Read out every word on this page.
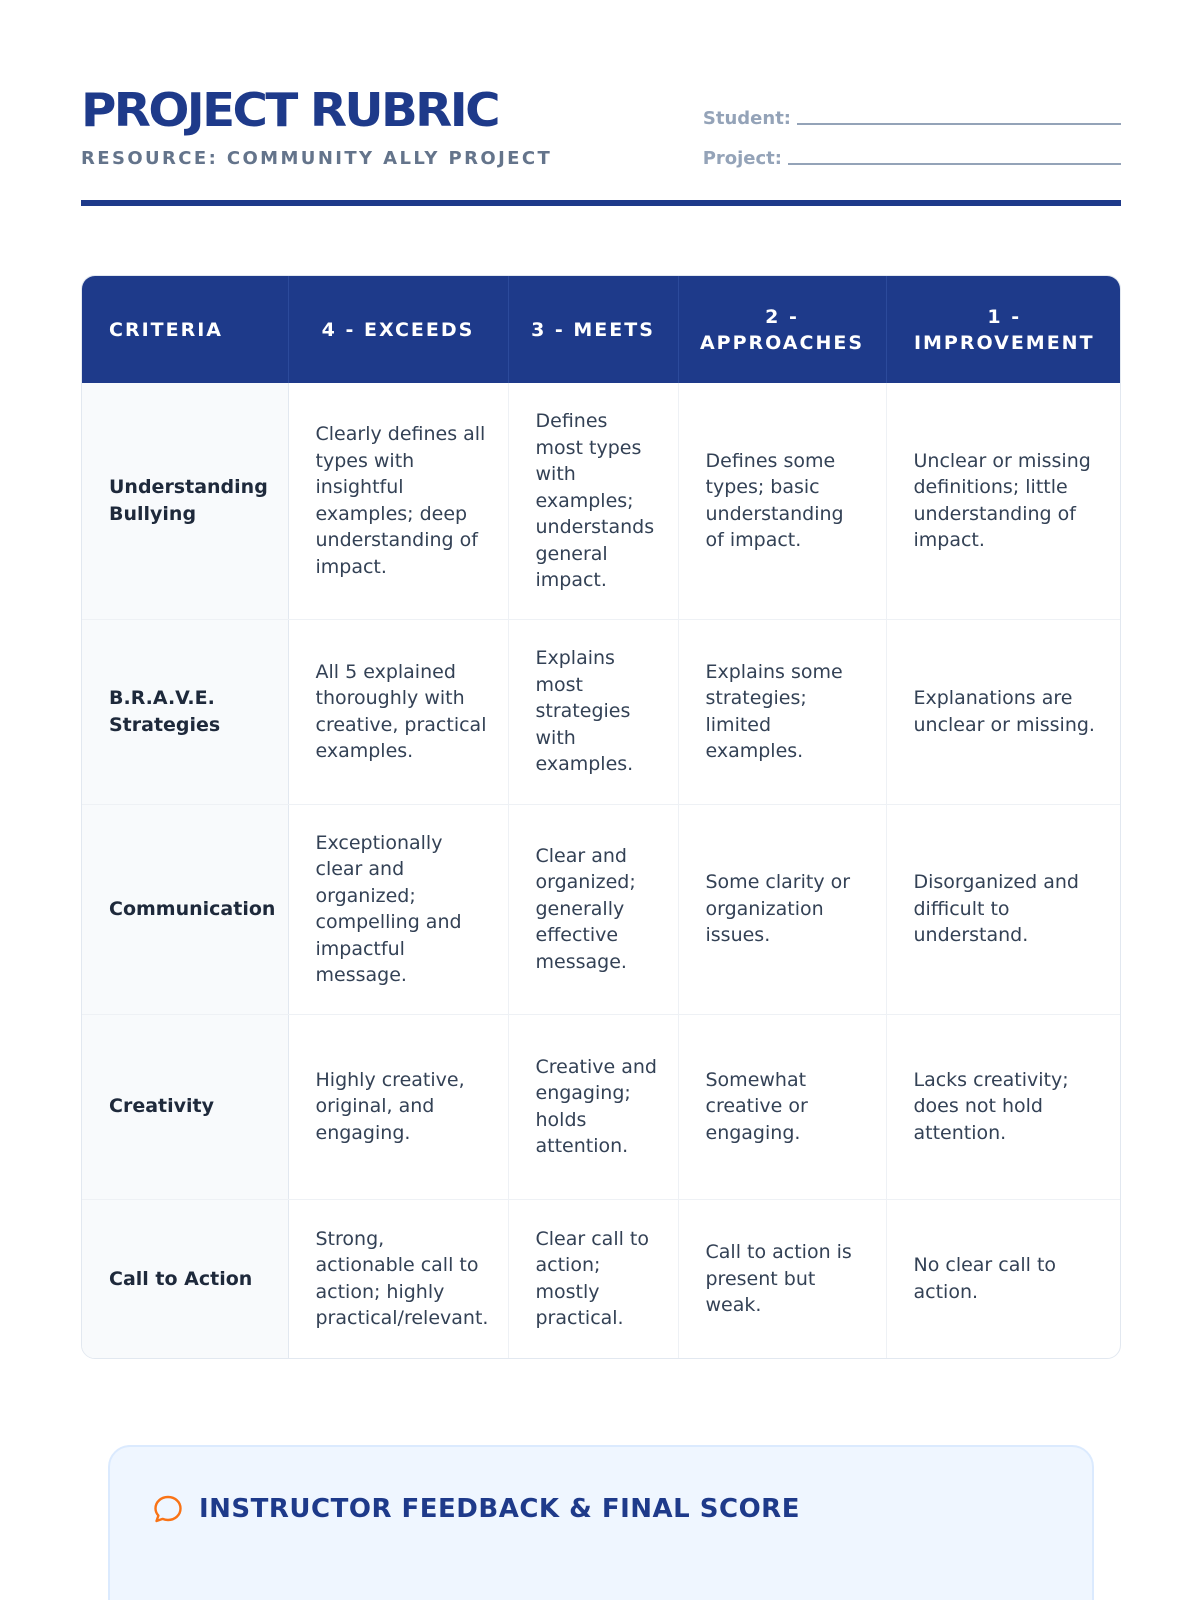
PROJECT RUBRIC
RESOURCE: COMMUNITY ALLY PROJECT
Student:
Project:
CRITERIA	4 - EXCEEDS	3 - MEETS	2 - APPROACHES	1 - IMPROVEMENT
Understanding Bullying	Clearly defines all types with insightful examples; deep understanding of impact.	Defines most types with examples; understands general impact.	Defines some types; basic understanding of impact.	Unclear or missing definitions; little understanding of impact.
B.R.A.V.E. Strategies	All 5 explained thoroughly with creative, practical examples.	Explains most strategies with examples.	Explains some strategies; limited examples.	Explanations are unclear or missing.
Communication	Exceptionally clear and organized; compelling and impactful message.	Clear and organized; generally effective message.	Some clarity or organization issues.	Disorganized and difficult to understand.
Creativity	Highly creative, original, and engaging.	Creative and engaging; holds attention.	Somewhat creative or engaging.	Lacks creativity; does not hold attention.
Call to Action	Strong, actionable call to action; highly practical/relevant.	Clear call to action; mostly practical.	Call to action is present but weak.	No clear call to action.
INSTRUCTOR FEEDBACK & FINAL SCORE
